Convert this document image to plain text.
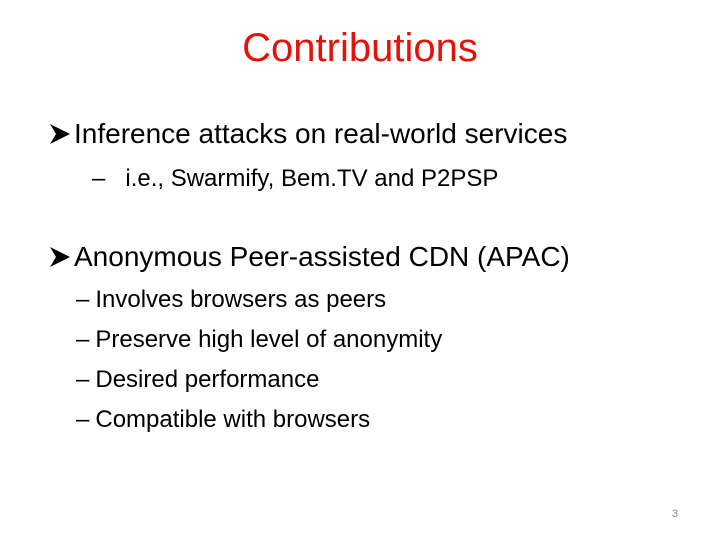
Contributions
Inference attacks on real-world services
– i.e., Swarmify, Bem.TV and P2PSP
Anonymous Peer-assisted CDN (APAC)
– Involves browsers as peers
– Preserve high level of anonymity
– Desired performance
– Compatible with browsers
3
